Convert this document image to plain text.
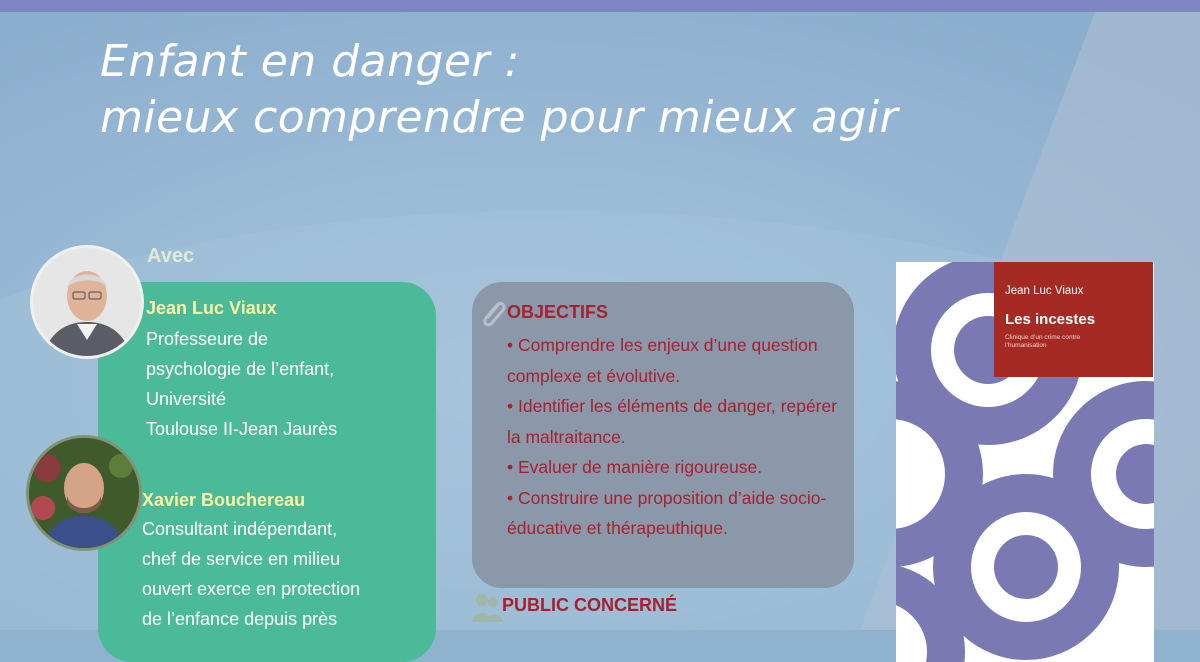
Enfant en danger :
mieux comprendre pour mieux agir
Avec
Jean Luc Viaux
Professeure de
psychologie de l’enfant,
Université
Toulouse II-Jean Jaurès
Xavier Bouchereau
Consultant indépendant,
chef de service en milieu
ouvert exerce en protection
de l’enfance depuis près
OBJECTIFS
• Comprendre les enjeux d’une question complexe et évolutive.
• Identifier les éléments de danger, repérer la maltraitance.
• Evaluer de manière rigoureuse.
• Construire une proposition d’aide socio-éducative et thérapeuthique.
PUBLIC CONCERNÉ
Jean Luc Viaux
Les incestes
Clinique d’un crime contre l’humanisation
